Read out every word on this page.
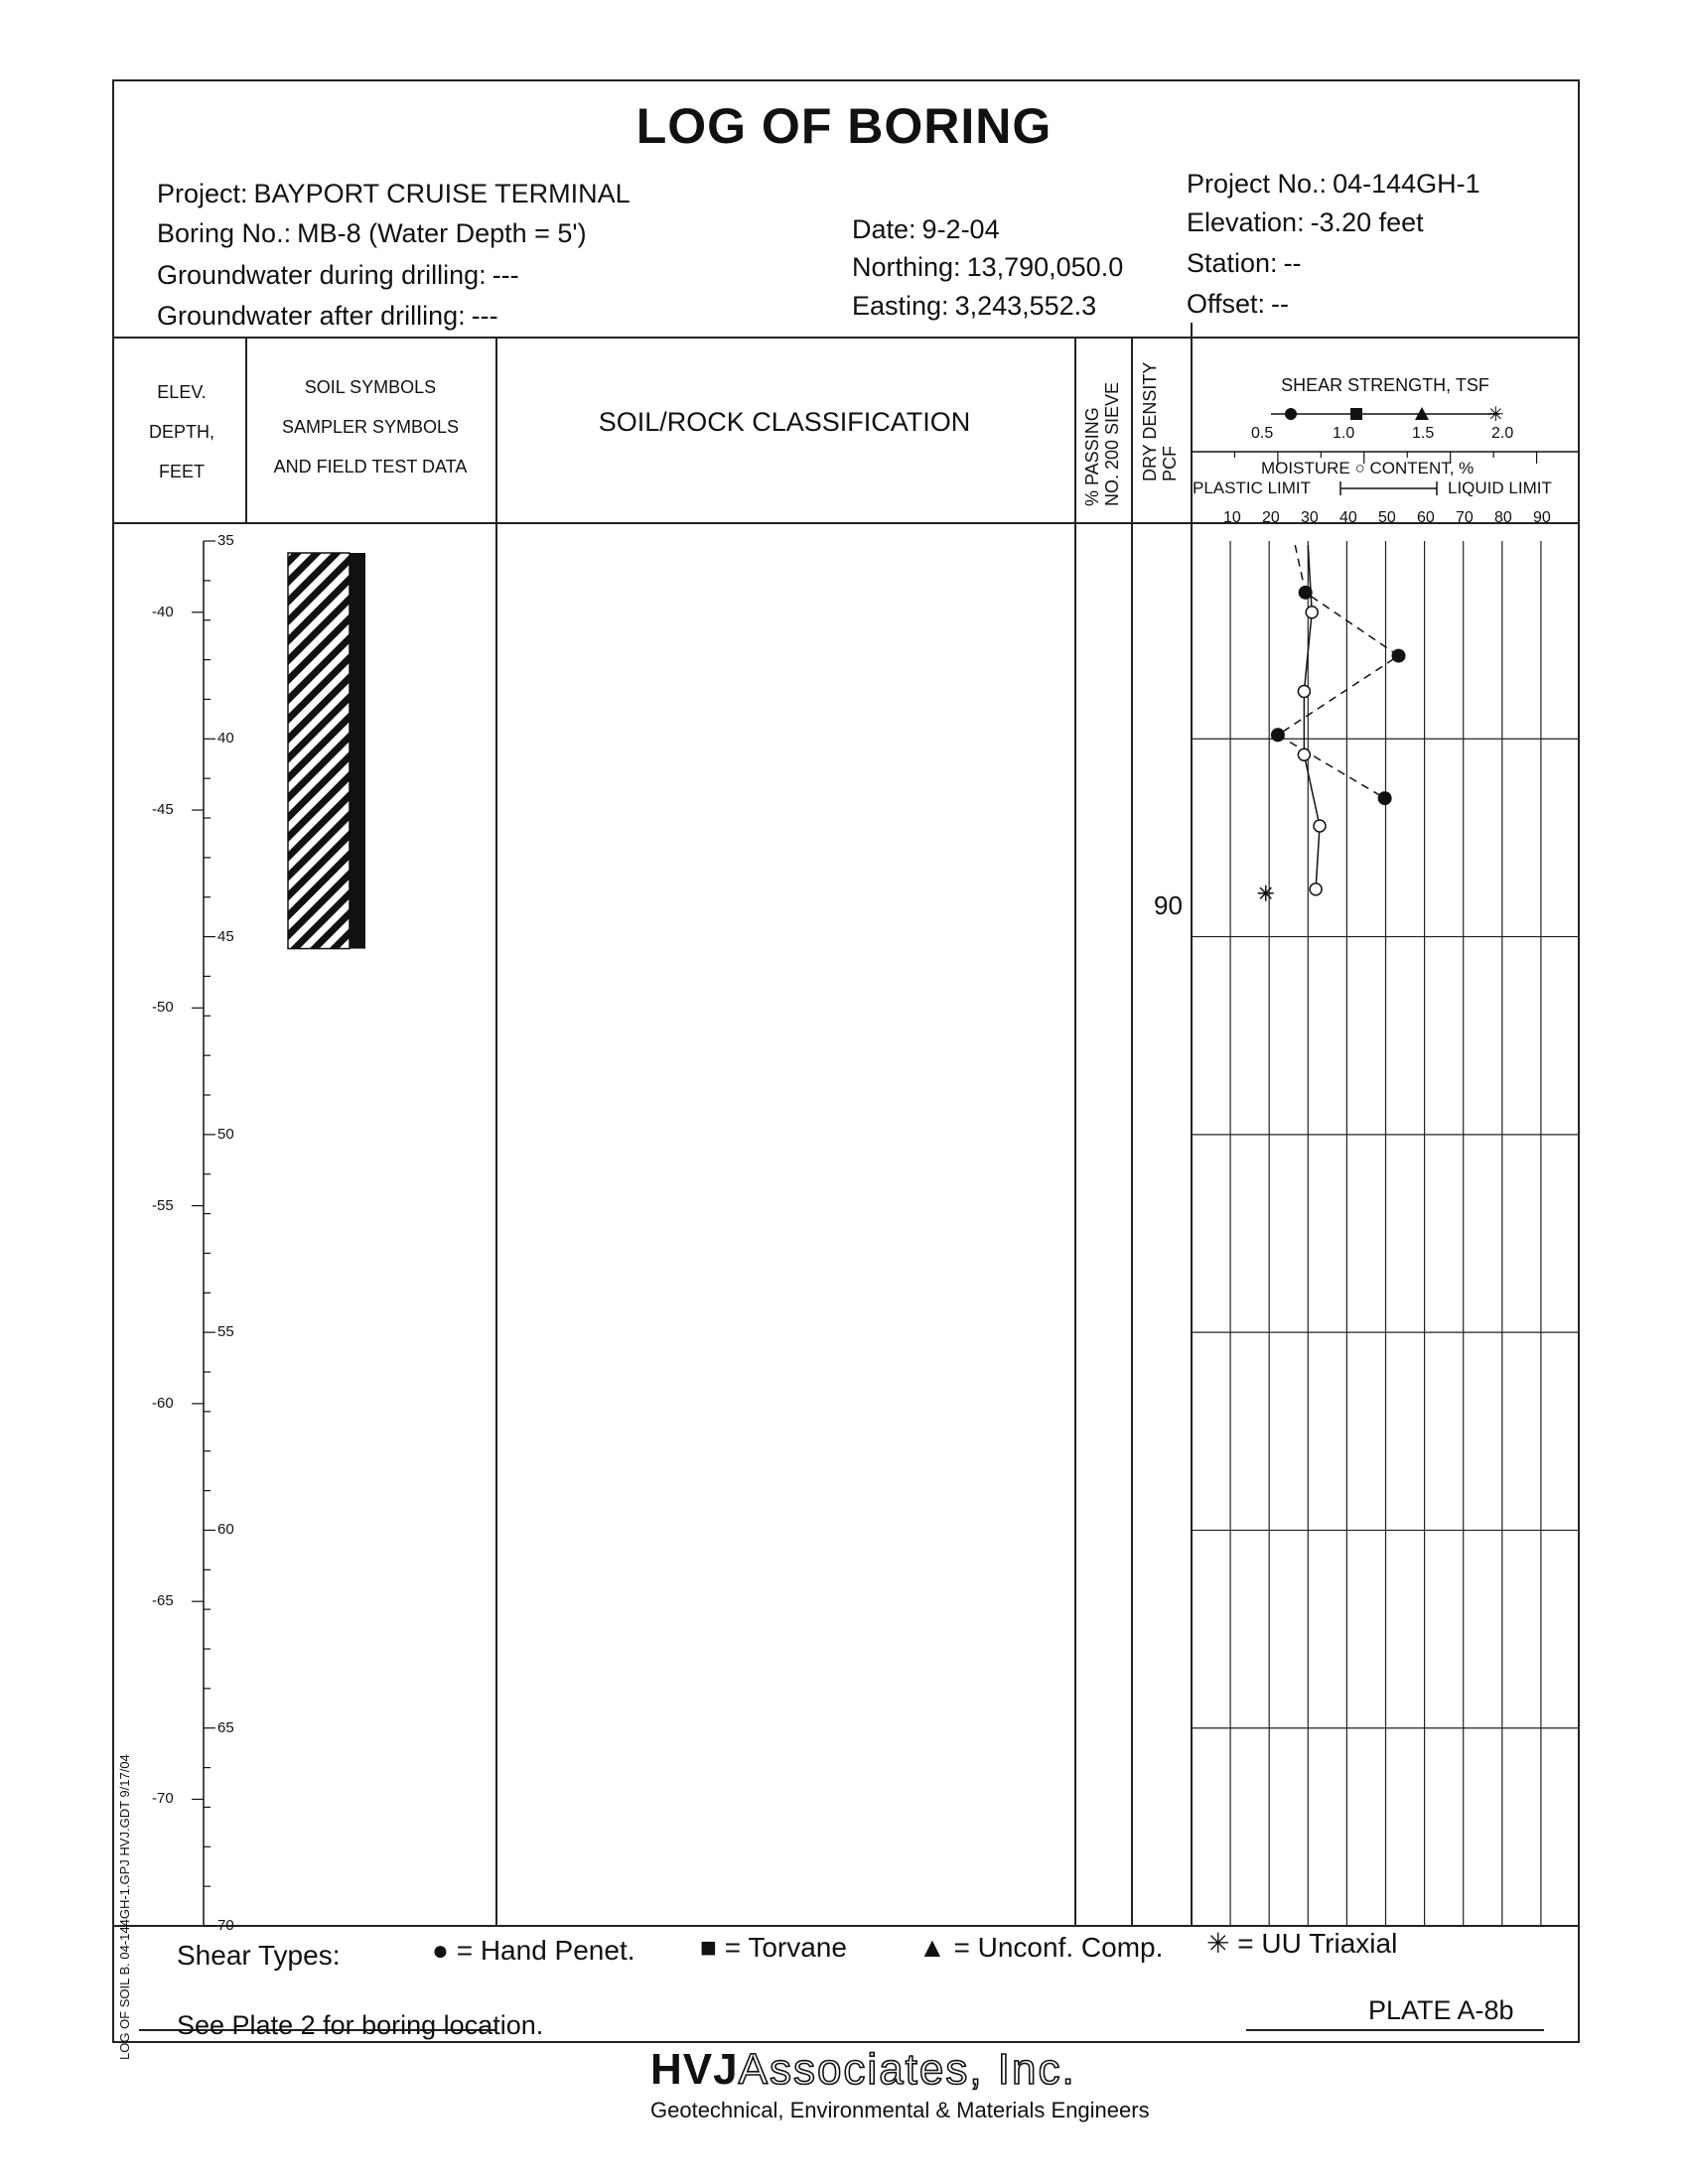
LOG OF BORING
Project: BAYPORT CRUISE TERMINAL
Boring No.: MB-8 (Water Depth = 5')
Groundwater during drilling: ---
Groundwater after drilling: ---
Date: 9-2-04
Northing: 13,790,050.0
Easting: 3,243,552.3
Project No.: 04-144GH-1
Elevation: -3.20 feet
Station: --
Offset: --
ELEV.
DEPTH,
FEET
SOIL SYMBOLS
SAMPLER SYMBOLS
AND FIELD TEST DATA
SOIL/ROCK CLASSIFICATION	% PASSING NO. 200 SIEVE DRY DENSITY PCF
SHEAR STRENGTH, TSF
0.5	1.0	1.5	2.0
MOISTURE ○ CONTENT, %
PLASTIC LIMIT	LIQUID LIMIT
10 20 30 40 50 60 70 80 90
✳
-40
-45
-50
-55
-60
-65
-70
35
40
45
50
55
60
65
70
90
Shear Types:	● = Hand Penet. ■ = Torvane	▲ = Unconf. Comp. ✳ = UU Triaxial
See Plate 2 for boring location.	PLATE A-8b
LOG OF SOIL B. 04-144GH-1.GPJ HVJ.GDT 9/17/04
HVJAssociates, Inc.
Geotechnical, Environmental & Materials Engineers
